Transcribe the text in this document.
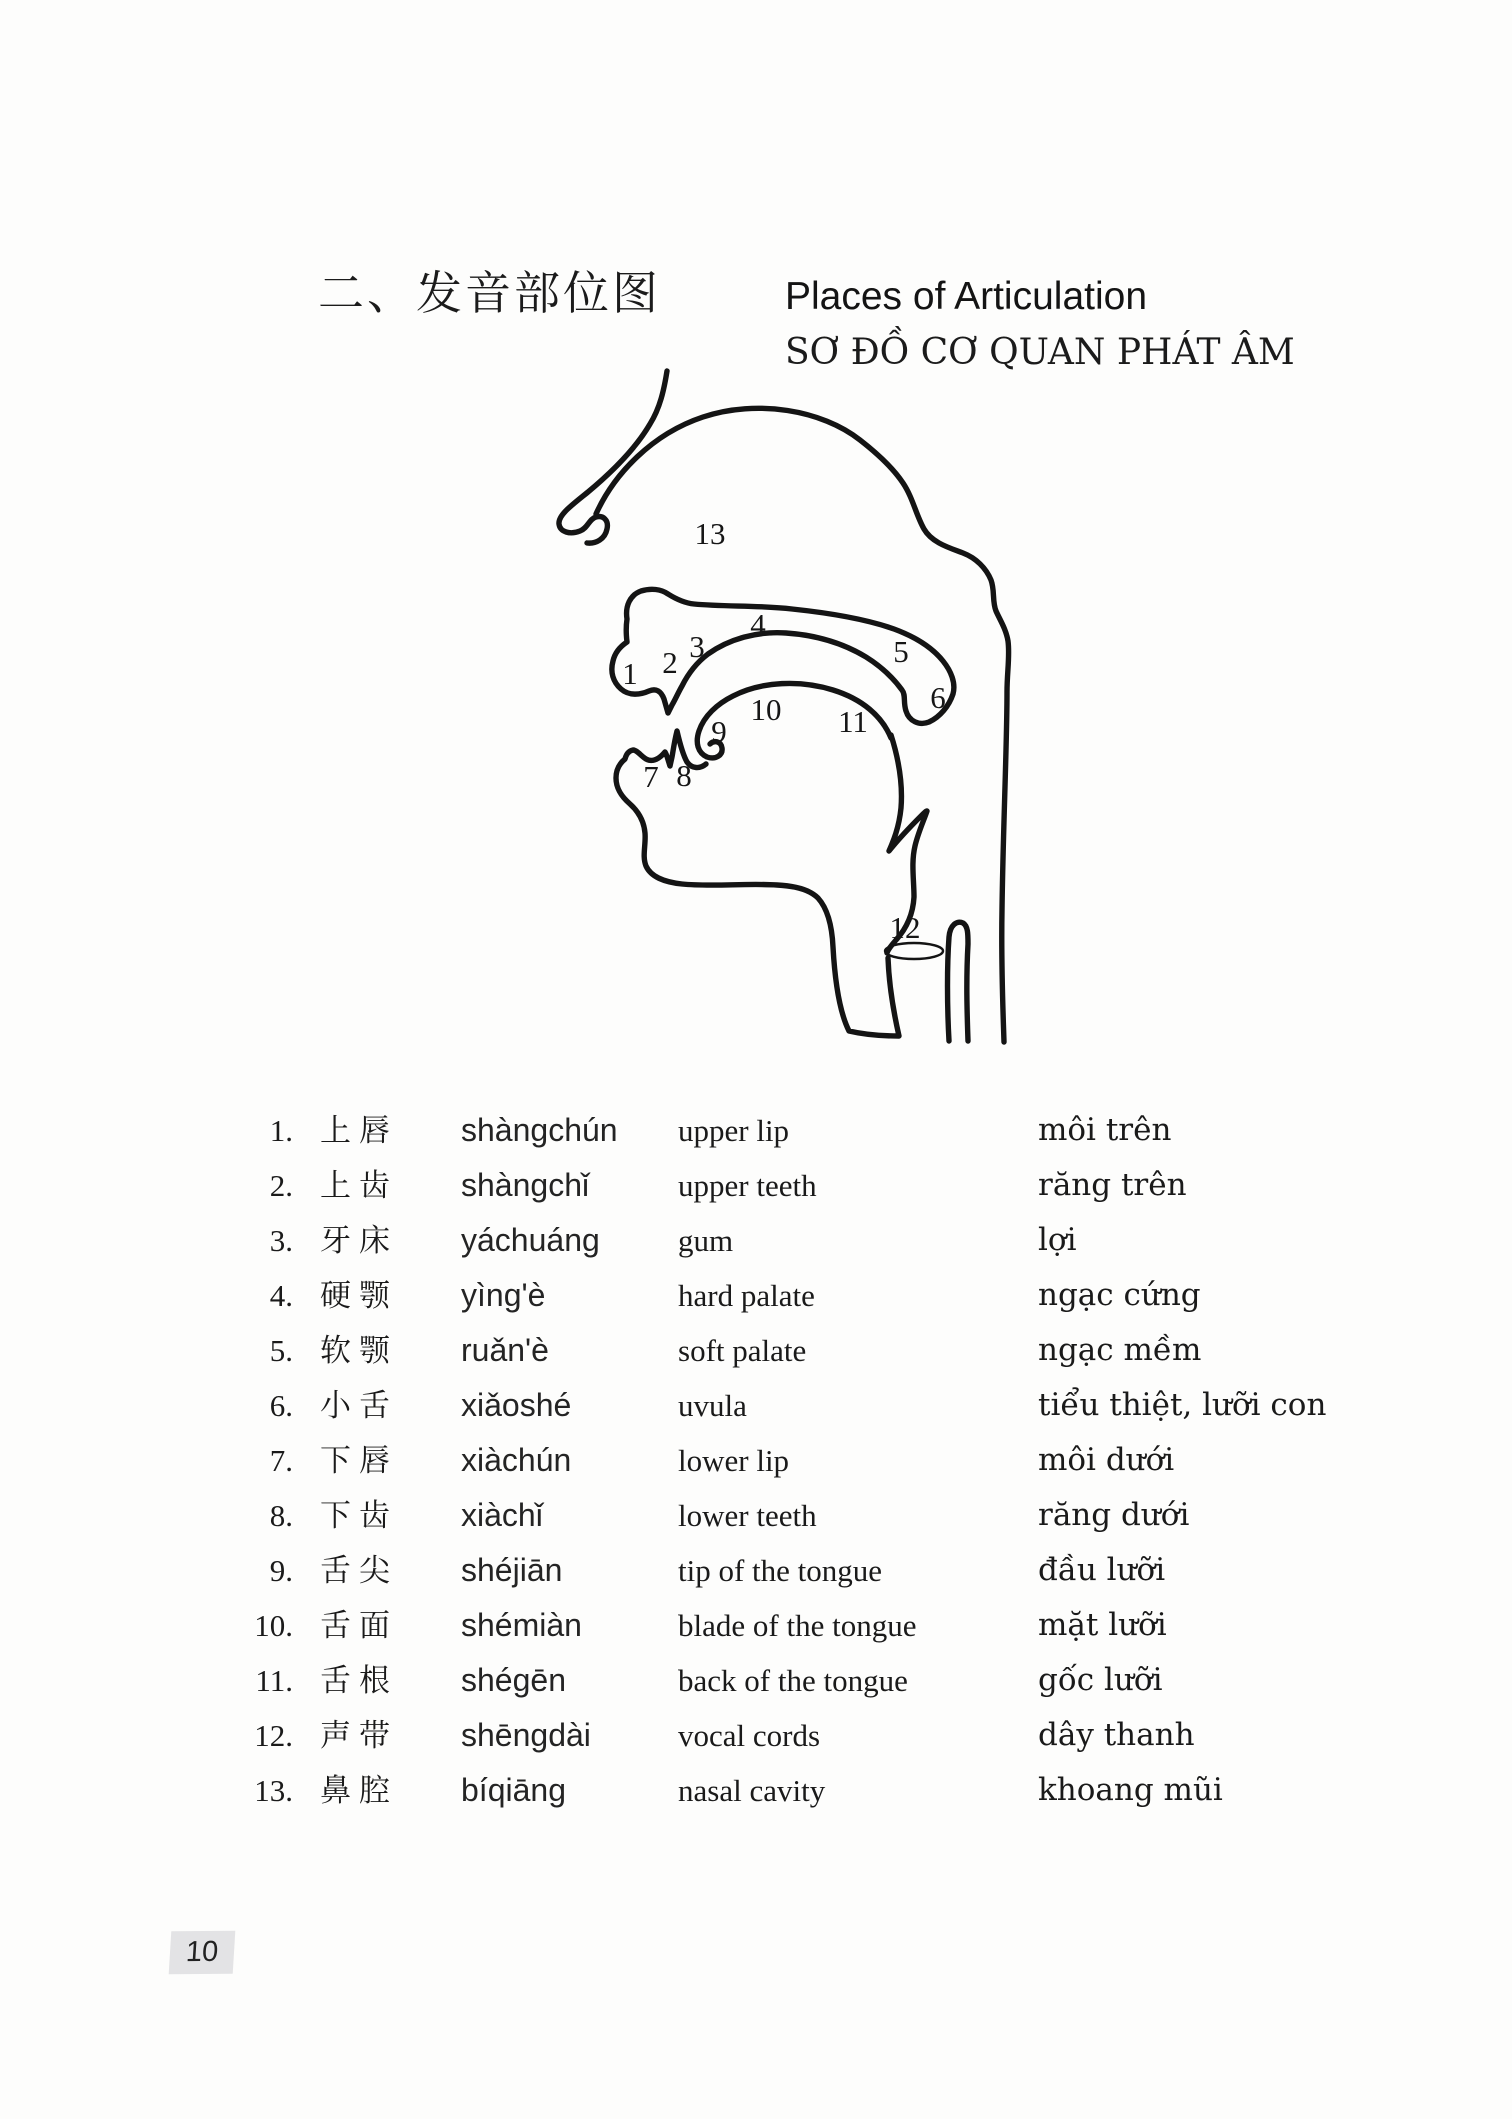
二、发音部位图	Places of Articulation
SƠ ĐỒ CƠ QUAN PHÁT ÂM
1 2 3
4
5
6
7 8
9
10 11
12
13
1. 上唇 shàngchún upper lip	môi trên
2. 上齿 shàngchǐ	upper teeth	răng trên
3. 牙床 yáchuáng	gum	lợi
4. 硬颚 yìng'è	hard palate	ngạc cứng
5. 软颚 ruǎn'è	soft palate	ngạc mềm
6. 小舌 xiǎoshé	uvula	tiểu thiệt, lưỡi con
7. 下唇 xiàchún	lower lip	môi dưới
8. 下齿 xiàchǐ	lower teeth	răng dưới
9. 舌尖 shéjiān	tip of the tongue	đầu lưỡi
10. 舌面 shémiàn	blade of the tongue	mặt lưỡi
11. 舌根 shégēn	back of the tongue	gốc lưỡi
12. 声带 shēngdài	vocal cords	dây thanh
13. 鼻腔 bíqiāng	nasal cavity	khoang mũi
10
